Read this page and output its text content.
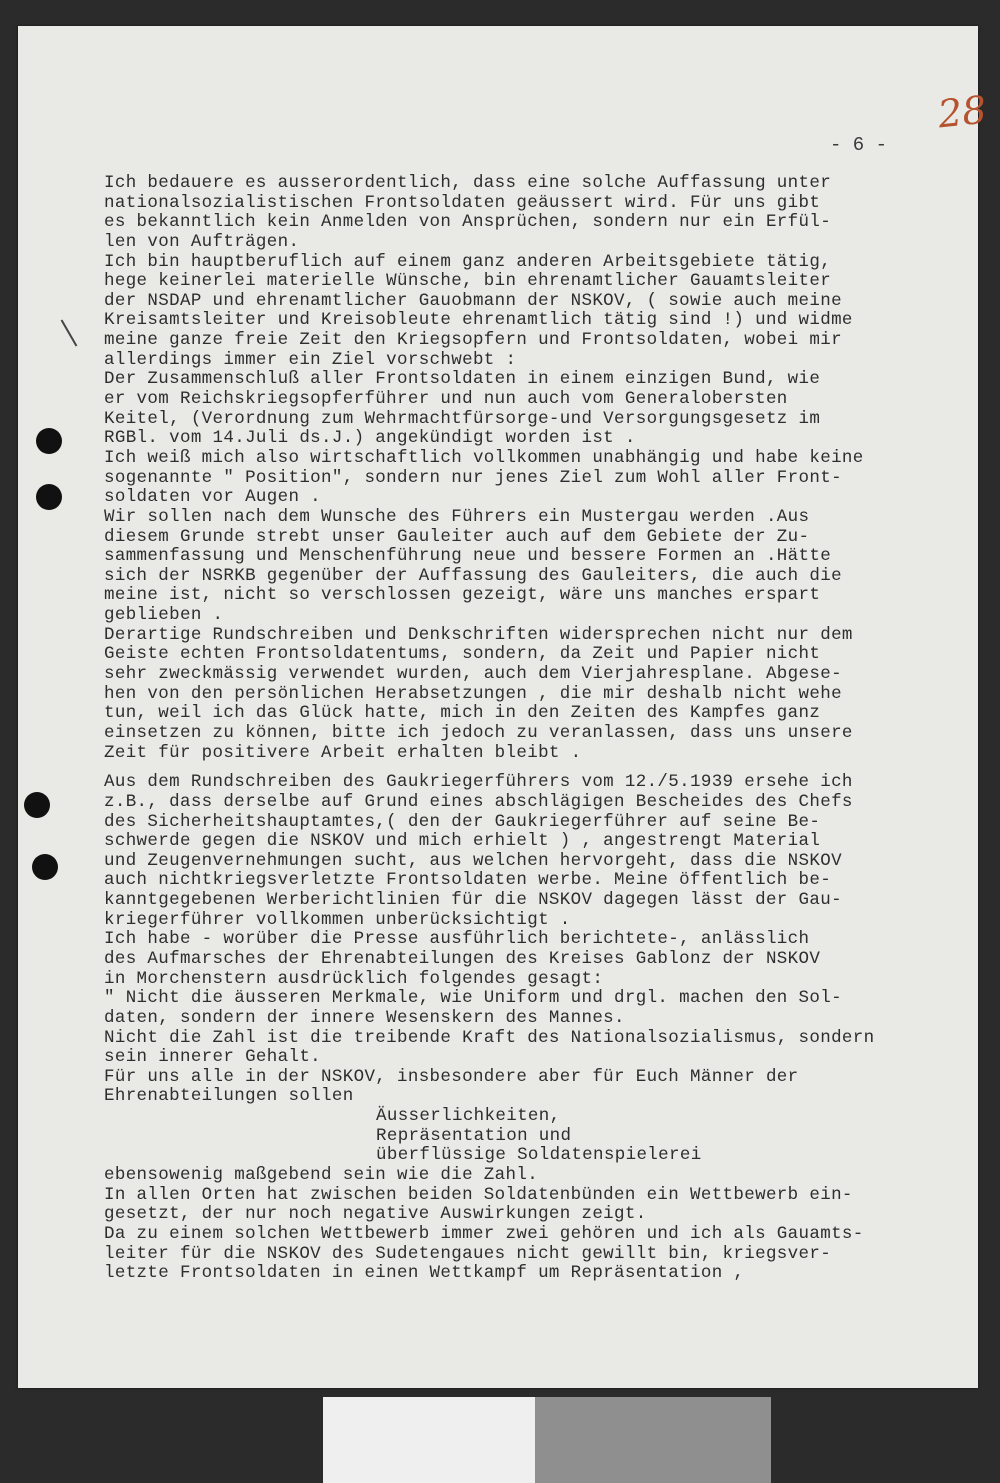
28
- 6 -
Ich bedauere es ausserordentlich, dass eine solche Auffassung unter
nationalsozialistischen Frontsoldaten geäussert wird. Für uns gibt
es bekanntlich kein Anmelden von Ansprüchen, sondern nur ein Erfül-
len von Aufträgen.
Ich bin hauptberuflich auf einem ganz anderen Arbeitsgebiete tätig,
hege keinerlei materielle Wünsche, bin ehrenamtlicher Gauamtsleiter
der NSDAP und ehrenamtlicher Gauobmann der NSKOV, ( sowie auch meine
Kreisamtsleiter und Kreisobleute ehrenamtlich tätig sind !) und widme
meine ganze freie Zeit den Kriegsopfern und Frontsoldaten, wobei mir
allerdings immer ein Ziel vorschwebt :
Der Zusammenschluß aller Frontsoldaten in einem einzigen Bund, wie
er vom Reichskriegsopferführer und nun auch vom Generalobersten
Keitel, (Verordnung zum Wehrmachtfürsorge-und Versorgungsgesetz im
RGBl. vom 14.Juli ds.J.) angekündigt worden ist .
Ich weiß mich also wirtschaftlich vollkommen unabhängig und habe keine
sogenannte " Position", sondern nur jenes Ziel zum Wohl aller Front-
soldaten vor Augen .
Wir sollen nach dem Wunsche des Führers ein Mustergau werden .Aus
diesem Grunde strebt unser Gauleiter auch auf dem Gebiete der Zu-
sammenfassung und Menschenführung neue und bessere Formen an .Hätte
sich der NSRKB gegenüber der Auffassung des Gauleiters, die auch die
meine ist, nicht so verschlossen gezeigt, wäre uns manches erspart
geblieben .
Derartige Rundschreiben und Denkschriften widersprechen nicht nur dem
Geiste echten Frontsoldatentums, sondern, da Zeit und Papier nicht
sehr zweckmässig verwendet wurden, auch dem Vierjahresplane. Abgese-
hen von den persönlichen Herabsetzungen , die mir deshalb nicht wehe
tun, weil ich das Glück hatte, mich in den Zeiten des Kampfes ganz
einsetzen zu können, bitte ich jedoch zu veranlassen, dass uns unsere
Zeit für positivere Arbeit erhalten bleibt .
Aus dem Rundschreiben des Gaukriegerführers vom 12./5.1939 ersehe ich
z.B., dass derselbe auf Grund eines abschlägigen Bescheides des Chefs
des Sicherheitshauptamtes,( den der Gaukriegerführer auf seine Be-
schwerde gegen die NSKOV und mich erhielt ) , angestrengt Material
und Zeugenvernehmungen sucht, aus welchen hervorgeht, dass die NSKOV
auch nichtkriegsverletzte Frontsoldaten werbe. Meine öffentlich be-
kanntgegebenen Werberichtlinien für die NSKOV dagegen lässt der Gau-
kriegerführer vollkommen unberücksichtigt .
Ich habe - worüber die Presse ausführlich berichtete-, anlässlich
des Aufmarsches der Ehrenabteilungen des Kreises Gablonz der NSKOV
in Morchenstern ausdrücklich folgendes gesagt:
" Nicht die äusseren Merkmale, wie Uniform und drgl. machen den Sol-
daten, sondern der innere Wesenskern des Mannes.
Nicht die Zahl ist die treibende Kraft des Nationalsozialismus, sondern
sein innerer Gehalt.
Für uns alle in der NSKOV, insbesondere aber für Euch Männer der
Ehrenabteilungen sollen
Äusserlichkeiten,
Repräsentation und
überflüssige Soldatenspielerei
ebensowenig maßgebend sein wie die Zahl.
In allen Orten hat zwischen beiden Soldatenbünden ein Wettbewerb ein-
gesetzt, der nur noch negative Auswirkungen zeigt.
Da zu einem solchen Wettbewerb immer zwei gehören und ich als Gauamts-
leiter für die NSKOV des Sudetengaues nicht gewillt bin, kriegsver-
letzte Frontsoldaten in einen Wettkampf um Repräsentation ,
